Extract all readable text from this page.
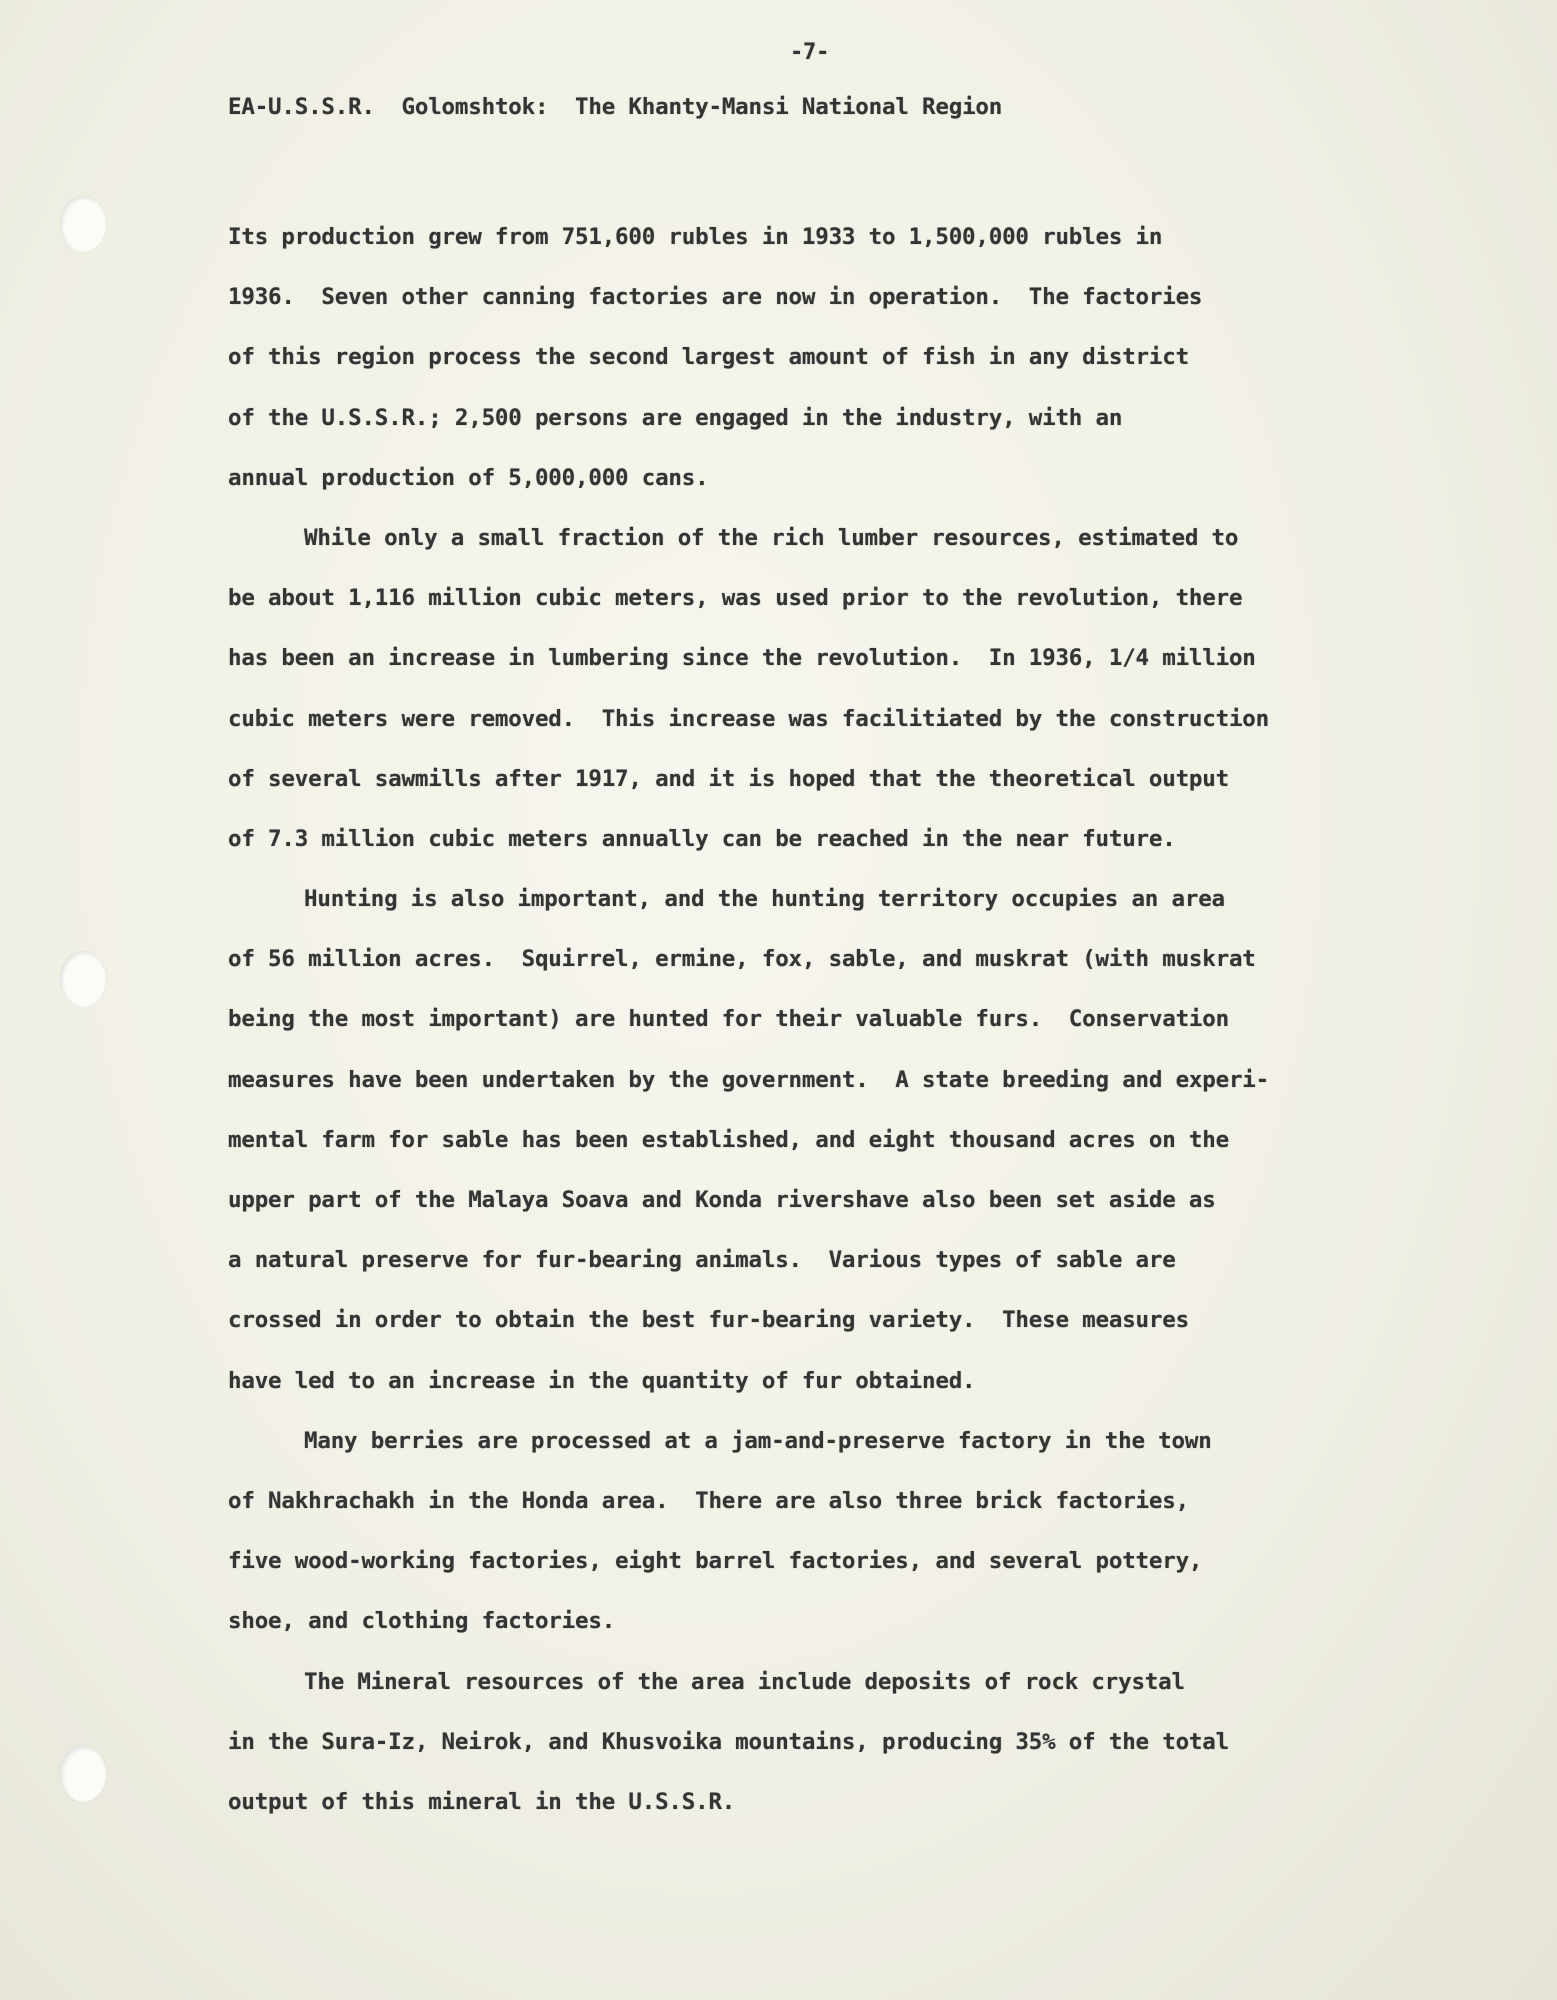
-7-
EA-U.S.S.R. Golomshtok: The Khanty-Mansi National Region
Its production grew from 751,600 rubles in 1933 to 1,500,000 rubles in
1936.  Seven other canning factories are now in operation.  The factories
of this region process the second largest amount of fish in any district
of the U.S.S.R.; 2,500 persons are engaged in the industry, with an
annual production of 5,000,000 cans.
While only a small fraction of the rich lumber resources, estimated to
be about 1,116 million cubic meters, was used prior to the revolution, there
has been an increase in lumbering since the revolution.  In 1936, 1/4 million
cubic meters were removed.  This increase was facilitiated by the construction
of several sawmills after 1917, and it is hoped that the theoretical output
of 7.3 million cubic meters annually can be reached in the near future.
Hunting is also important, and the hunting territory occupies an area
of 56 million acres.  Squirrel, ermine, fox, sable, and muskrat (with muskrat
being the most important) are hunted for their valuable furs.  Conservation
measures have been undertaken by the government.  A state breeding and experi-
mental farm for sable has been established, and eight thousand acres on the
upper part of the Malaya Soava and Konda rivershave also been set aside as
a natural preserve for fur-bearing animals.  Various types of sable are
crossed in order to obtain the best fur-bearing variety.  These measures
have led to an increase in the quantity of fur obtained.
Many berries are processed at a jam-and-preserve factory in the town
of Nakhrachakh in the Honda area.  There are also three brick factories,
five wood-working factories, eight barrel factories, and several pottery,
shoe, and clothing factories.
The Mineral resources of the area include deposits of rock crystal
in the Sura-Iz, Neirok, and Khusvoika mountains, producing 35% of the total
output of this mineral in the U.S.S.R.
